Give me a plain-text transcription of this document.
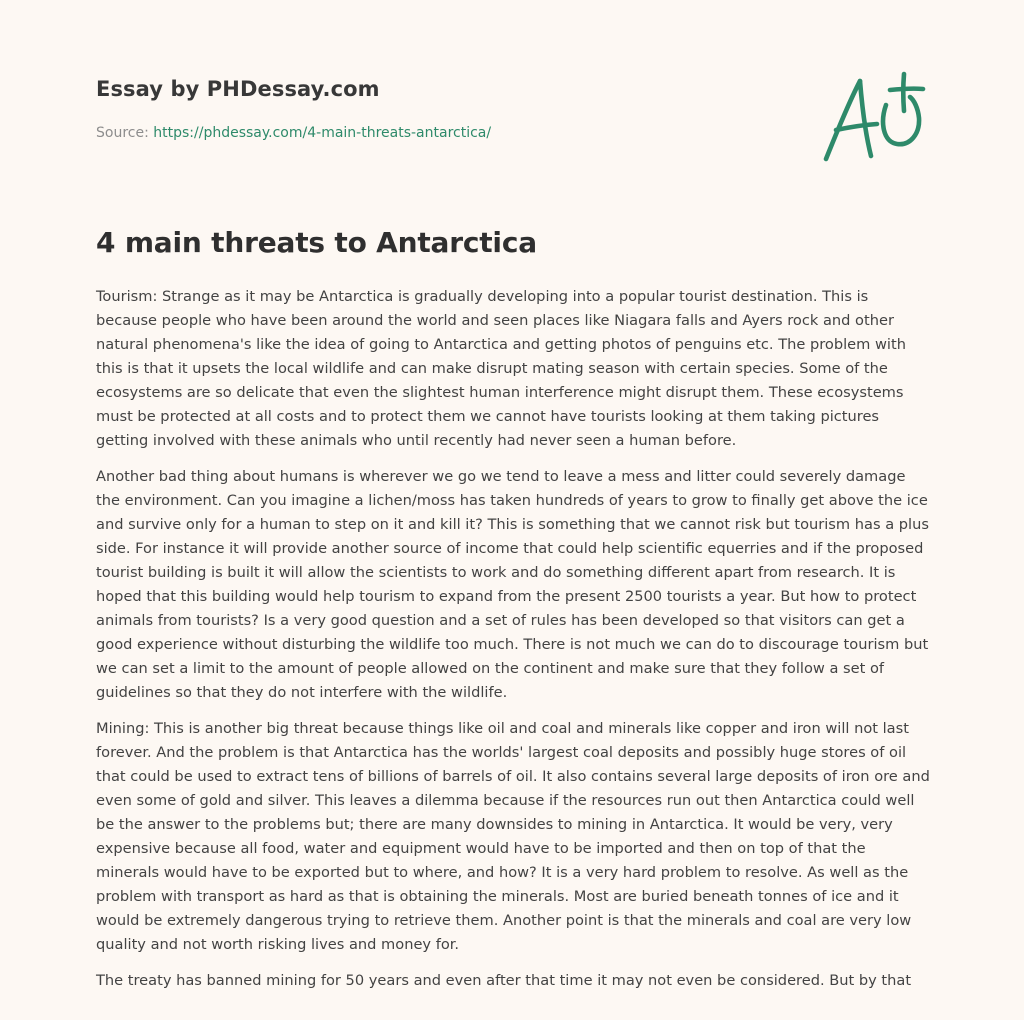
Essay by PHDessay.com
Source: https://phdessay.com/4-main-threats-antarctica/
4 main threats to Antarctica

Tourism: Strange as it may be Antarctica is gradually developing into a popular tourist destination. This is because people who have been around the world and seen places like Niagara falls and Ayers rock and other natural phenomena's like the idea of going to Antarctica and getting photos of penguins etc. The problem with this is that it upsets the local wildlife and can make disrupt mating season with certain species. Some of the ecosystems are so delicate that even the slightest human interference might disrupt them. These ecosystems must be protected at all costs and to protect them we cannot have tourists looking at them taking pictures getting involved with these animals who until recently had never seen a human before.

Another bad thing about humans is wherever we go we tend to leave a mess and litter could severely damage the environment. Can you imagine a lichen/moss has taken hundreds of years to grow to finally get above the ice and survive only for a human to step on it and kill it? This is something that we cannot risk but tourism has a plus side. For instance it will provide another source of income that could help scientific equerries and if the proposed tourist building is built it will allow the scientists to work and do something different apart from research. It is hoped that this building would help tourism to expand from the present 2500 tourists a year. But how to protect animals from tourists? Is a very good question and a set of rules has been developed so that visitors can get a good experience without disturbing the wildlife too much. There is not much we can do to discourage tourism but we can set a limit to the amount of people allowed on the continent and make sure that they follow a set of guidelines so that they do not interfere with the wildlife.

Mining: This is another big threat because things like oil and coal and minerals like copper and iron will not last forever. And the problem is that Antarctica has the worlds' largest coal deposits and possibly huge stores of oil that could be used to extract tens of billions of barrels of oil. It also contains several large deposits of iron ore and even some of gold and silver. This leaves a dilemma because if the resources run out then Antarctica could well be the answer to the problems but; there are many downsides to mining in Antarctica. It would be very, very expensive because all food, water and equipment would have to be imported and then on top of that the minerals would have to be exported but to where, and how? It is a very hard problem to resolve. As well as the problem with transport as hard as that is obtaining the minerals. Most are buried beneath tonnes of ice and it would be extremely dangerous trying to retrieve them. Another point is that the minerals and coal are very low quality and not worth risking lives and money for.

The treaty has banned mining for 50 years and even after that time it may not even be considered. But by that
